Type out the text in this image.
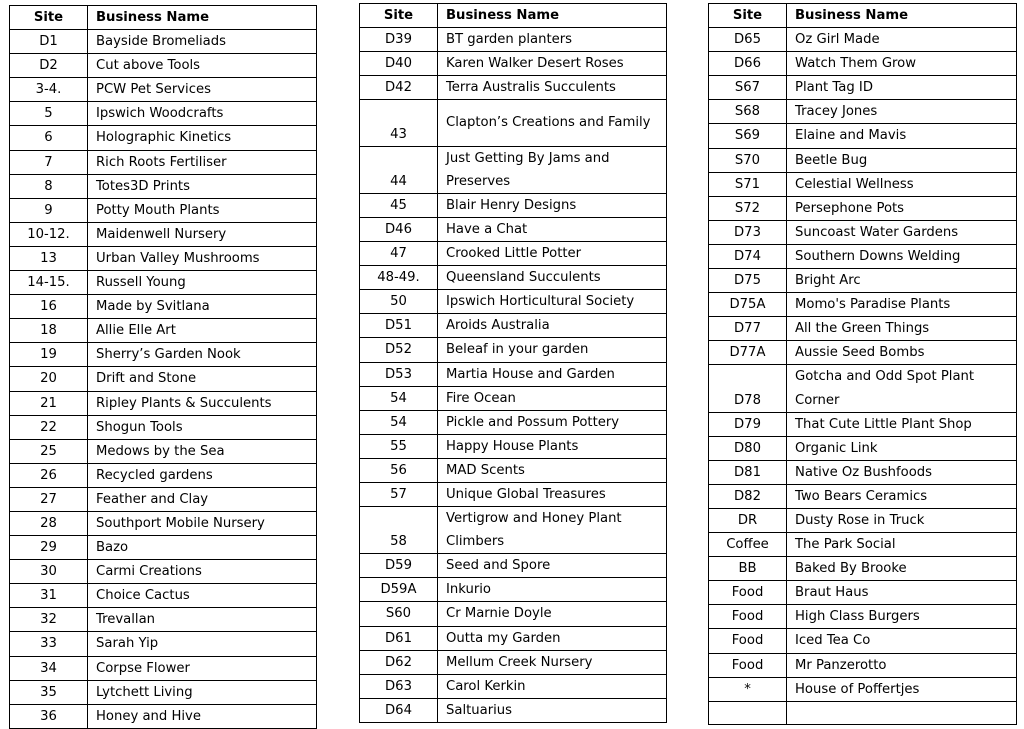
Site	Business Name
D1	Bayside Bromeliads
D2	Cut above Tools
3-4.	PCW Pet Services
5	Ipswich Woodcrafts
6	Holographic Kinetics
7	Rich Roots Fertiliser
8	Totes3D Prints
9	Potty Mouth Plants
10-12.	Maidenwell Nursery
13	Urban Valley Mushrooms
14-15.	Russell Young
16	Made by Svitlana
18	Allie Elle Art
19	Sherry’s Garden Nook
20	Drift and Stone
21	Ripley Plants & Succulents
22	Shogun Tools
25	Medows by the Sea
26	Recycled gardens
27	Feather and Clay
28	Southport Mobile Nursery
29	Bazo
30	Carmi Creations
31	Choice Cactus
32	Trevallan
33	Sarah Yip
34	Corpse Flower
35	Lytchett Living
36	Honey and Hive
Site	Business Name
D39	BT garden planters
D40	Karen Walker Desert Roses
D42	Terra Australis Succulents
43	Clapton’s Creations and Family
44	Just Getting By Jams and Preserves
45	Blair Henry Designs
D46	Have a Chat
47	Crooked Little Potter
48-49.	Queensland Succulents
50	Ipswich Horticultural Society
D51	Aroids Australia
D52	Beleaf in your garden
D53	Martia House and Garden
54	Fire Ocean
54	Pickle and Possum Pottery
55	Happy House Plants
56	MAD Scents
57	Unique Global Treasures
58	Vertigrow and Honey Plant Climbers
D59	Seed and Spore
D59A	Inkurio
S60	Cr Marnie Doyle
D61	Outta my Garden
D62	Mellum Creek Nursery
D63	Carol Kerkin
D64	Saltuarius
Site	Business Name
D65	Oz Girl Made
D66	Watch Them Grow
S67	Plant Tag ID
S68	Tracey Jones
S69	Elaine and Mavis
S70	Beetle Bug
S71	Celestial Wellness
S72	Persephone Pots
D73	Suncoast Water Gardens
D74	Southern Downs Welding
D75	Bright Arc
D75A	Momo's Paradise Plants
D77	All the Green Things
D77A	Aussie Seed Bombs
D78	Gotcha and Odd Spot Plant Corner
D79	That Cute Little Plant Shop
D80	Organic Link
D81	Native Oz Bushfoods
D82	Two Bears Ceramics
DR	Dusty Rose in Truck
Coffee	The Park Social
BB	Baked By Brooke
Food	Braut Haus
Food	High Class Burgers
Food	Iced Tea Co
Food	Mr Panzerotto
*	House of Poffertjes
